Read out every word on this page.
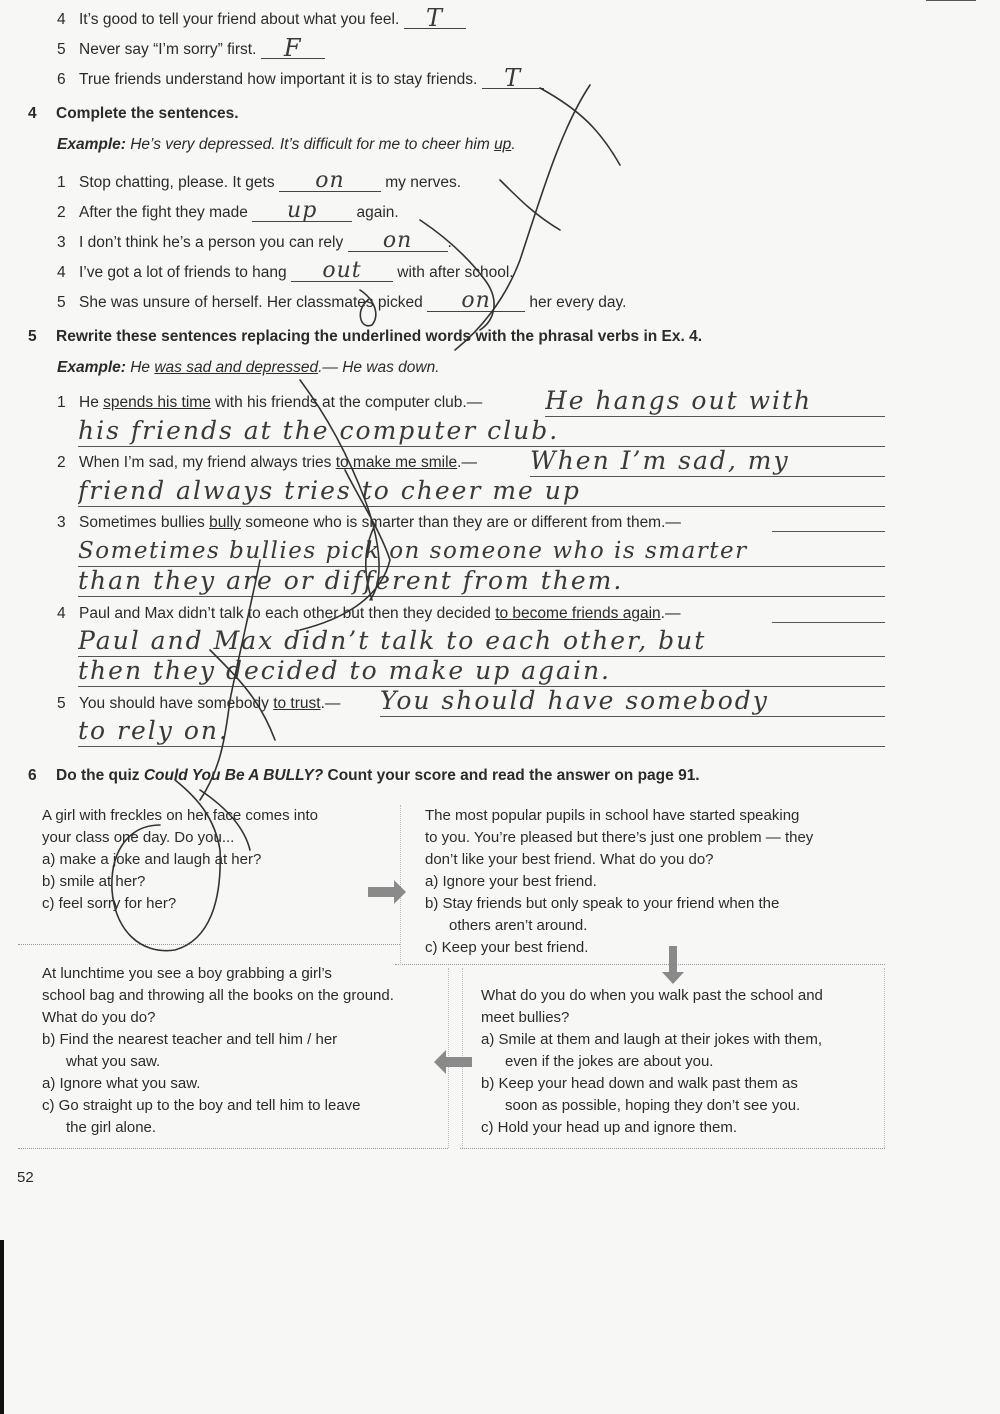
4 It’s good to tell your friend about what you feel. T
5 Never say “I’m sorry” first. F
6 True friends understand how important it is to stay friends. T
4 Complete the sentences.
Example: He’s very depressed. It’s difficult for me to cheer him up.
1 Stop chatting, please. It gets on	my nerves.
2 After the fight they made up	again.
3 I don’t think he’s a person you can rely on .
4 I’ve got a lot of friends to hang out with after school.
5 She was unsure of herself. Her classmates picked on her every day.
5 Rewrite these sentences replacing the underlined words with the phrasal verbs in Ex. 4.
Example: He was sad and depressed.— He was down.
1 He spends his time with his friends at the computer club.—	He hangs out with
his friends at the computer club.
2 When I’m sad, my friend always tries to make me smile.— When I’m sad, my
friend always tries to cheer me up
3 Sometimes bullies bully someone who is smarter than they are or different from them.—
Sometimes bullies pick on someone who is smarter
than they are or different from them.
4 Paul and Max didn’t talk to each other but then they decided to become friends again.—
Paul and Max didn’t talk to each other, but
then they decided to make up again.
5 You should have somebody to trust.— You should have somebody
to rely on.
6 Do the quiz Could You Be A BULLY? Count your score and read the answer on page 91.
A girl with freckles on her face comes into
your class one day. Do you...
a) make a joke and laugh at her?
b) smile at her?
c) feel sorry for her?
The most popular pupils in school have started speaking
to you. You’re pleased but there’s just one problem — they
don’t like your best friend. What do you do?
a) Ignore your best friend.
b) Stay friends but only speak to your friend when the
others aren’t around.
c) Keep your best friend.
What do you do when you walk past the school and
meet bullies?
a) Smile at them and laugh at their jokes with them,
even if the jokes are about you.
b) Keep your head down and walk past them as
soon as possible, hoping they don’t see you.
c) Hold your head up and ignore them.
At lunchtime you see a boy grabbing a girl’s
school bag and throwing all the books on the ground.
What do you do?
b) Find the nearest teacher and tell him / her
what you saw.
a) Ignore what you saw.
c) Go straight up to the boy and tell him to leave
the girl alone.
52
